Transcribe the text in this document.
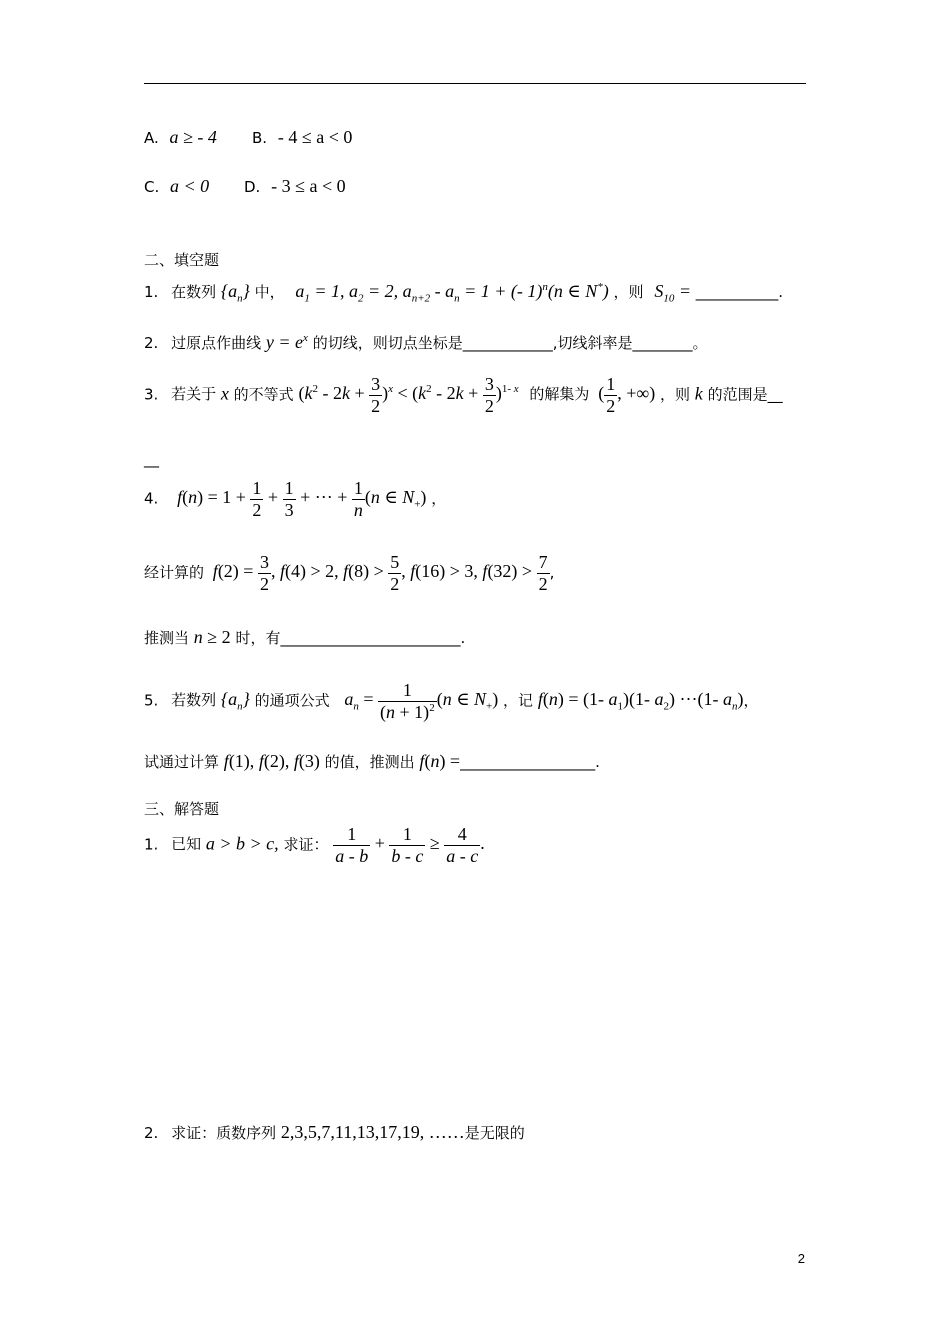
A. a ≥ - 4 B. - 4 ≤ a < 0
C. a < 0 D. - 3 ≤ a < 0
二、填空题
1. 在数列 $\{a_n\}$ 中， $a_1 = 1$, $a_2 = 2$, $a_{n+2} - a_n = 1$ + (- 1)$^n$(n ∈ N*) ，则 $S_{10}$ = ___________.
2. 过原点作曲线 $y = e^x$ 的切线，则切点坐标是____________,切线斜率是________。
3. 若关于 x 的不等式 $(k^2 - 2k + \frac{3}{2} )^x < (k^2 - 2k + \frac{3}{2} )^{1- x}$ 的解集为 ( $\frac{1}{2}$ , +∞) ，则 k 的范围是__
__
4. $f(n) = 1 + \frac{1}{2} + \frac{1}{3}$ + ··· + $\frac{1}{n} (n$ ∈ $N_+$) ，
经计算的 $f(2) = \frac{3}{2}$ , f(4) > 2, $f(8) > \frac{5}{2}$ , f(16) > 3, $f(32) > \frac{7}{2}$ ,
推测当 n ≥ 2 时，有________________________.
5. 若数列 $\{a_n\}$ 的通项公式 $a_n = \frac{1}{(n + 1)^2} (n$ ∈ $N_+$) ，记 f(n) = (1- $a_1)(1-$ $a_2) \cdot\cdot\cdot(1-$ $a_n$)，
试通过计算 f(1), f(2), f(3) 的值，推测出 f(n) =__________________.
三、解答题
1. 已知 a > b > c, 求证： $\frac{1}{a - b} + \frac{1}{b - c} \ge \frac{4}{a - c}$ .
2. 求证：质数序列 2,3,5,7,11,13,17,19, ……是无限的
2
